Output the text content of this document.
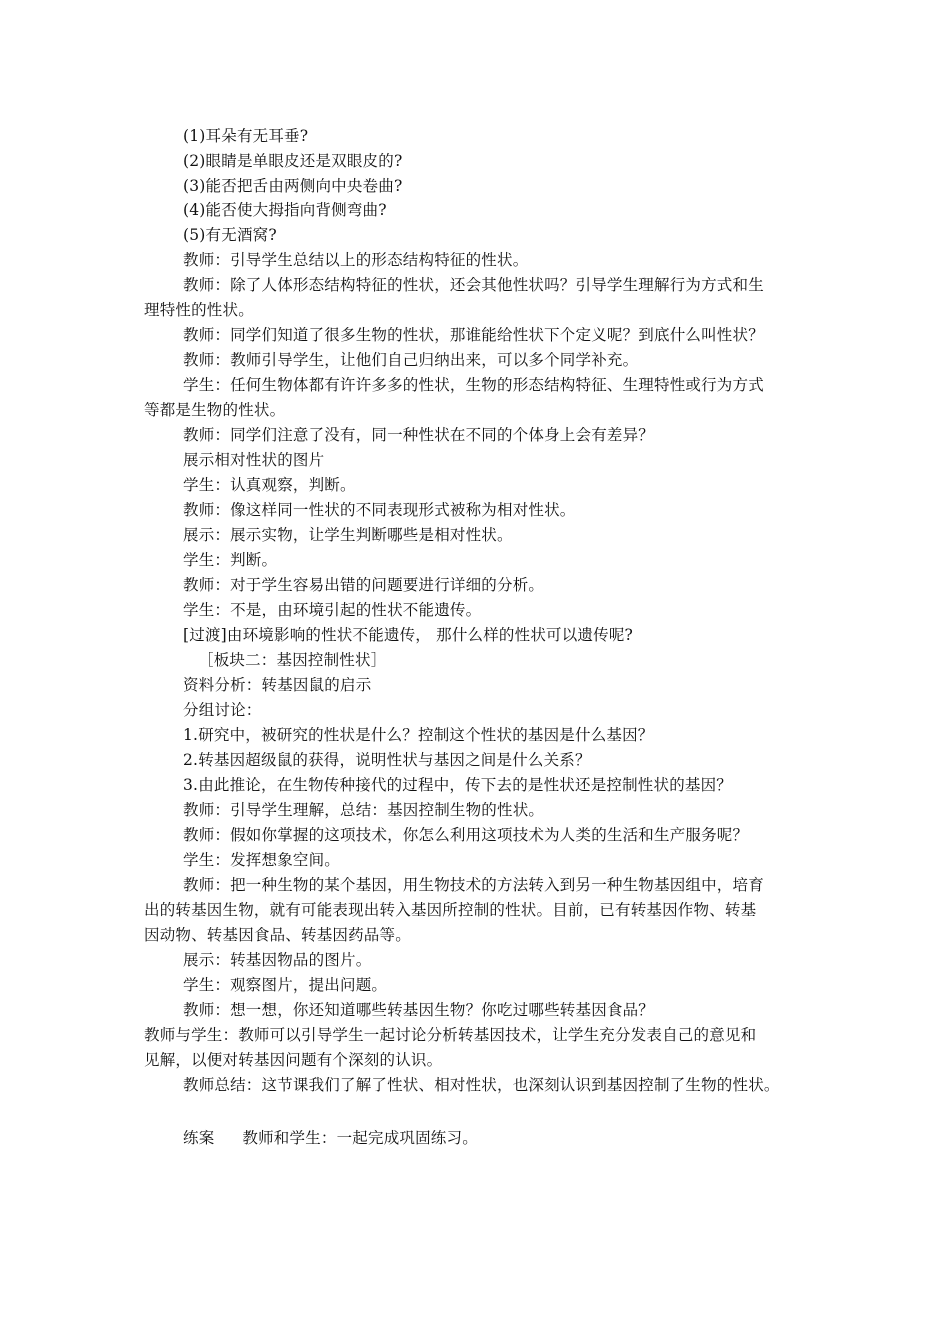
(1)耳朵有无耳垂?
(2)眼睛是单眼皮还是双眼皮的?
(3)能否把舌由两侧向中央卷曲?
(4)能否使大拇指向背侧弯曲?
(5)有无酒窝?
教师：引导学生总结以上的形态结构特征的性状。
教师：除了人体形态结构特征的性状，还会其他性状吗？引导学生理解行为方式和生
理特性的性状。
教师：同学们知道了很多生物的性状，那谁能给性状下个定义呢？到底什么叫性状？
教师：教师引导学生，让他们自己归纳出来，可以多个同学补充。
学生：任何生物体都有许许多多的性状，生物的形态结构特征、生理特性或行为方式
等都是生物的性状。
教师：同学们注意了没有，同一种性状在不同的个体身上会有差异？
展示相对性状的图片
学生：认真观察，判断。
教师：像这样同一性状的不同表现形式被称为相对性状。
展示：展示实物，让学生判断哪些是相对性状。
学生：判断。
教师：对于学生容易出错的问题要进行详细的分析。
学生：不是，由环境引起的性状不能遗传。
[过渡]由环境影响的性状不能遗传， 那什么样的性状可以遗传呢?
［板块二：基因控制性状］
资料分析：转基因鼠的启示
分组讨论：
1.研究中，被研究的性状是什么？控制这个性状的基因是什么基因？
2.转基因超级鼠的获得，说明性状与基因之间是什么关系？
3.由此推论，在生物传种接代的过程中，传下去的是性状还是控制性状的基因？
教师：引导学生理解，总结：基因控制生物的性状。
教师：假如你掌握的这项技术，你怎么利用这项技术为人类的生活和生产服务呢？
学生：发挥想象空间。
教师：把一种生物的某个基因，用生物技术的方法转入到另一种生物基因组中，培育
出的转基因生物，就有可能表现出转入基因所控制的性状。目前，已有转基因作物、转基
因动物、转基因食品、转基因药品等。
展示：转基因物品的图片。
学生：观察图片，提出问题。
教师：想一想，你还知道哪些转基因生物？你吃过哪些转基因食品？
教师与学生：教师可以引导学生一起讨论分析转基因技术，让学生充分发表自己的意见和
见解，以便对转基因问题有个深刻的认识。
教师总结：这节课我们了解了性状、相对性状，也深刻认识到基因控制了生物的性状。
练案 教师和学生：一起完成巩固练习。
